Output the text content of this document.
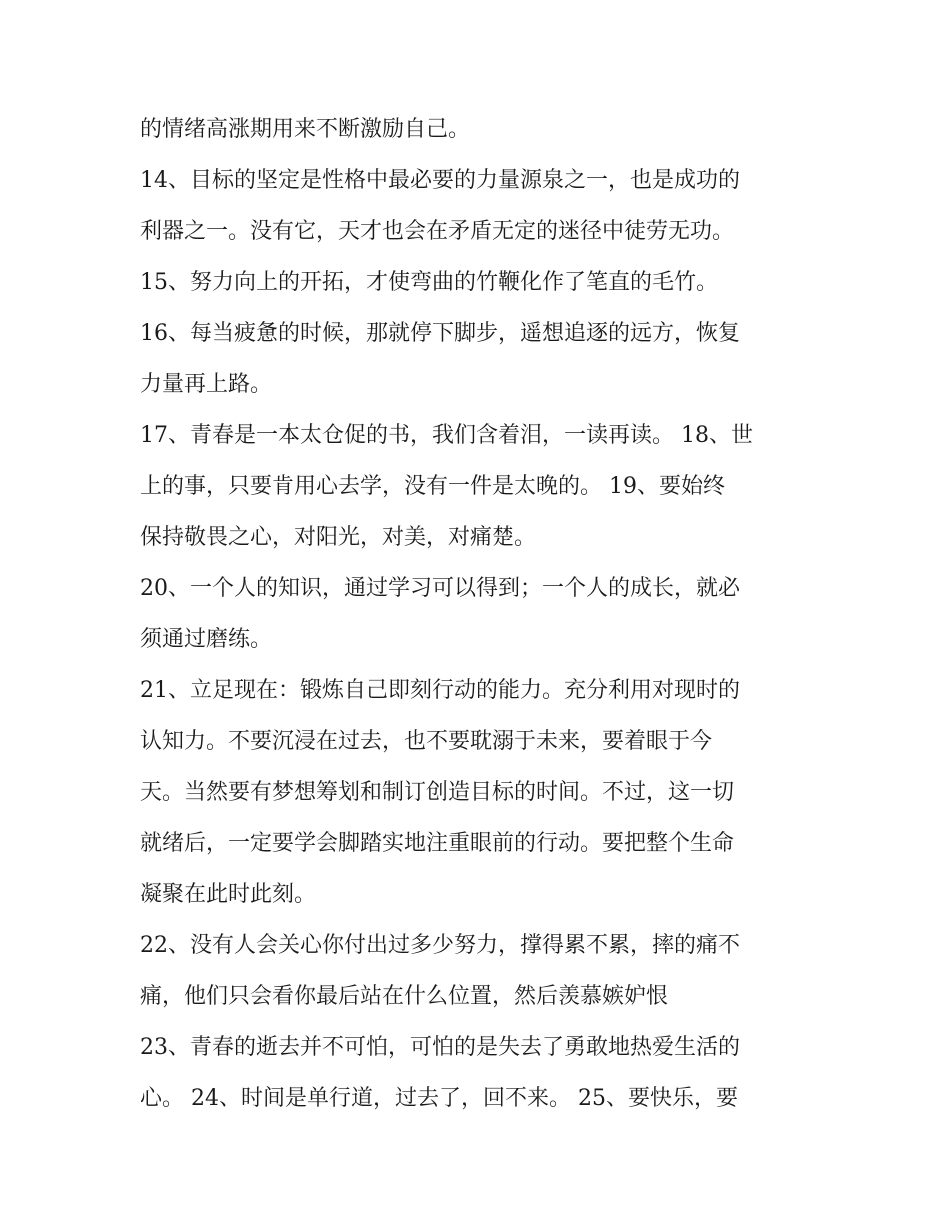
的情绪高涨期用来不断激励自己。
14、目标的坚定是性格中最必要的力量源泉之一，也是成功的
利器之一。没有它，天才也会在矛盾无定的迷径中徒劳无功。
15、努力向上的开拓，才使弯曲的竹鞭化作了笔直的毛竹。
16、每当疲惫的时候，那就停下脚步，遥想追逐的远方，恢复
力量再上路。
17、青春是一本太仓促的书，我们含着泪，一读再读。 18、世
上的事，只要肯用心去学，没有一件是太晚的。 19、要始终
保持敬畏之心，对阳光，对美，对痛楚。
20、一个人的知识，通过学习可以得到；一个人的成长，就必
须通过磨练。
21、立足现在：锻炼自己即刻行动的能力。充分利用对现时的
认知力。不要沉浸在过去，也不要耽溺于未来，要着眼于今
天。当然要有梦想筹划和制订创造目标的时间。不过，这一切
就绪后，一定要学会脚踏实地注重眼前的行动。要把整个生命
凝聚在此时此刻。
22、没有人会关心你付出过多少努力，撑得累不累，摔的痛不
痛，他们只会看你最后站在什么位置，然后羡慕嫉妒恨
23、青春的逝去并不可怕，可怕的是失去了勇敢地热爱生活的
心。 24、时间是单行道，过去了，回不来。 25、要快乐，要
